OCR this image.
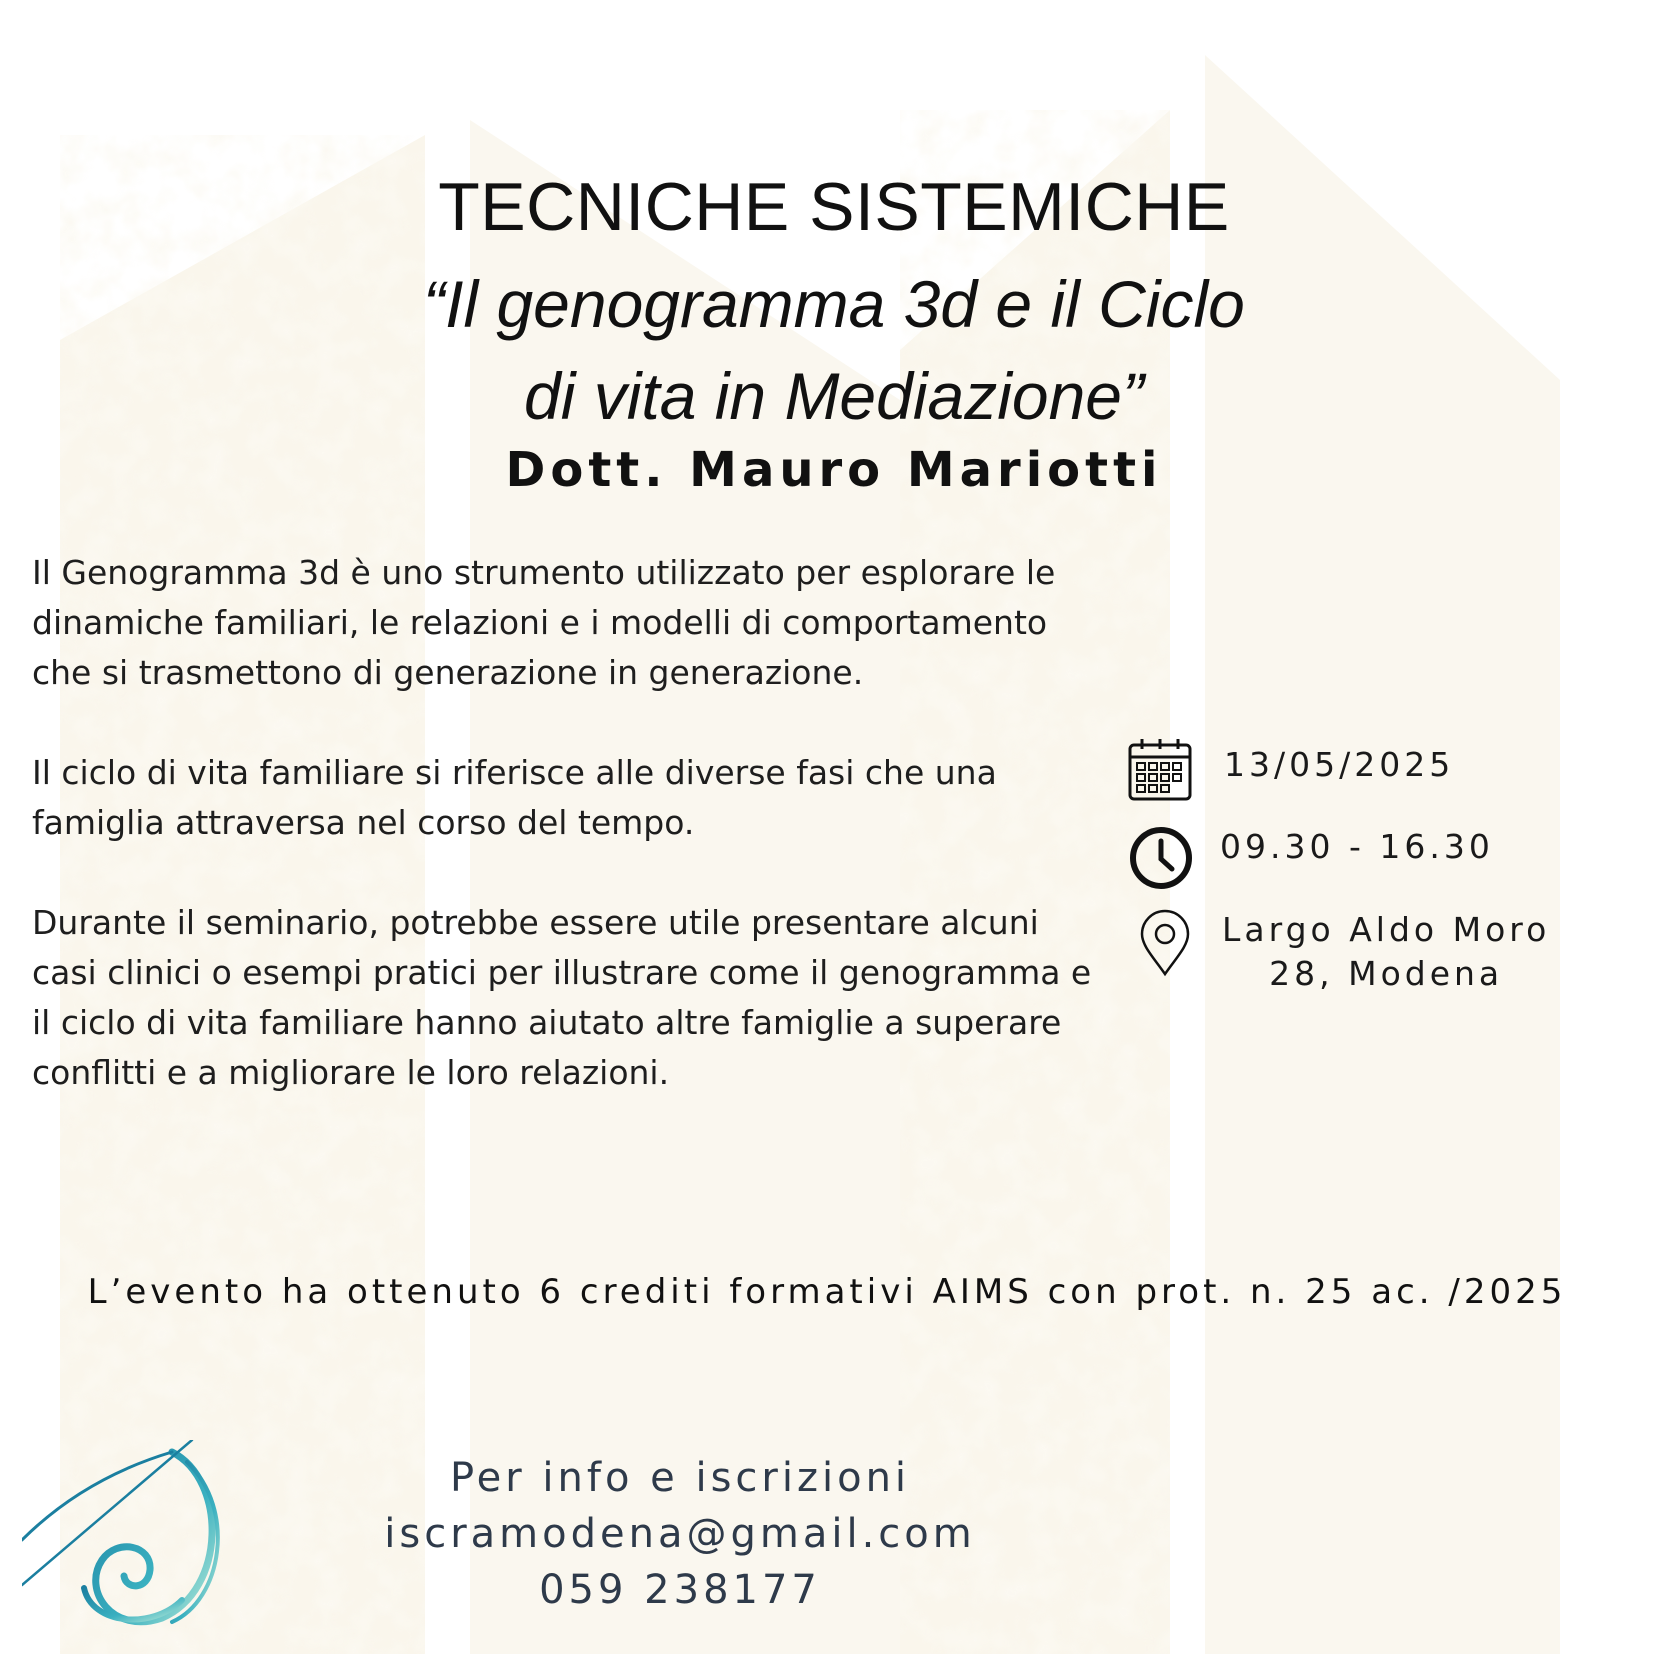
TECNICHE SISTEMICHE
“Il genogramma 3d e il Ciclo
di vita in Mediazione”
Dott. Mauro Mariotti

Il Genogramma 3d è uno strumento utilizzato per esplorare le dinamiche familiari, le relazioni e i modelli di comportamento che si trasmettono di generazione in generazione.

Il ciclo di vita familiare si riferisce alle diverse fasi che una famiglia attraversa nel corso del tempo.

Durante il seminario, potrebbe essere utile presentare alcuni casi clinici o esempi pratici per illustrare come il genogramma e il ciclo di vita familiare hanno aiutato altre famiglie a superare conflitti e a migliorare le loro relazioni.

13/05/2025
09.30 - 16.30
Largo Aldo Moro
28, Modena
L’evento ha ottenuto 6 crediti formativi AIMS con prot. n. 25 ac. /2025
Per info e iscrizioni
iscramodena@gmail.com
059 238177
